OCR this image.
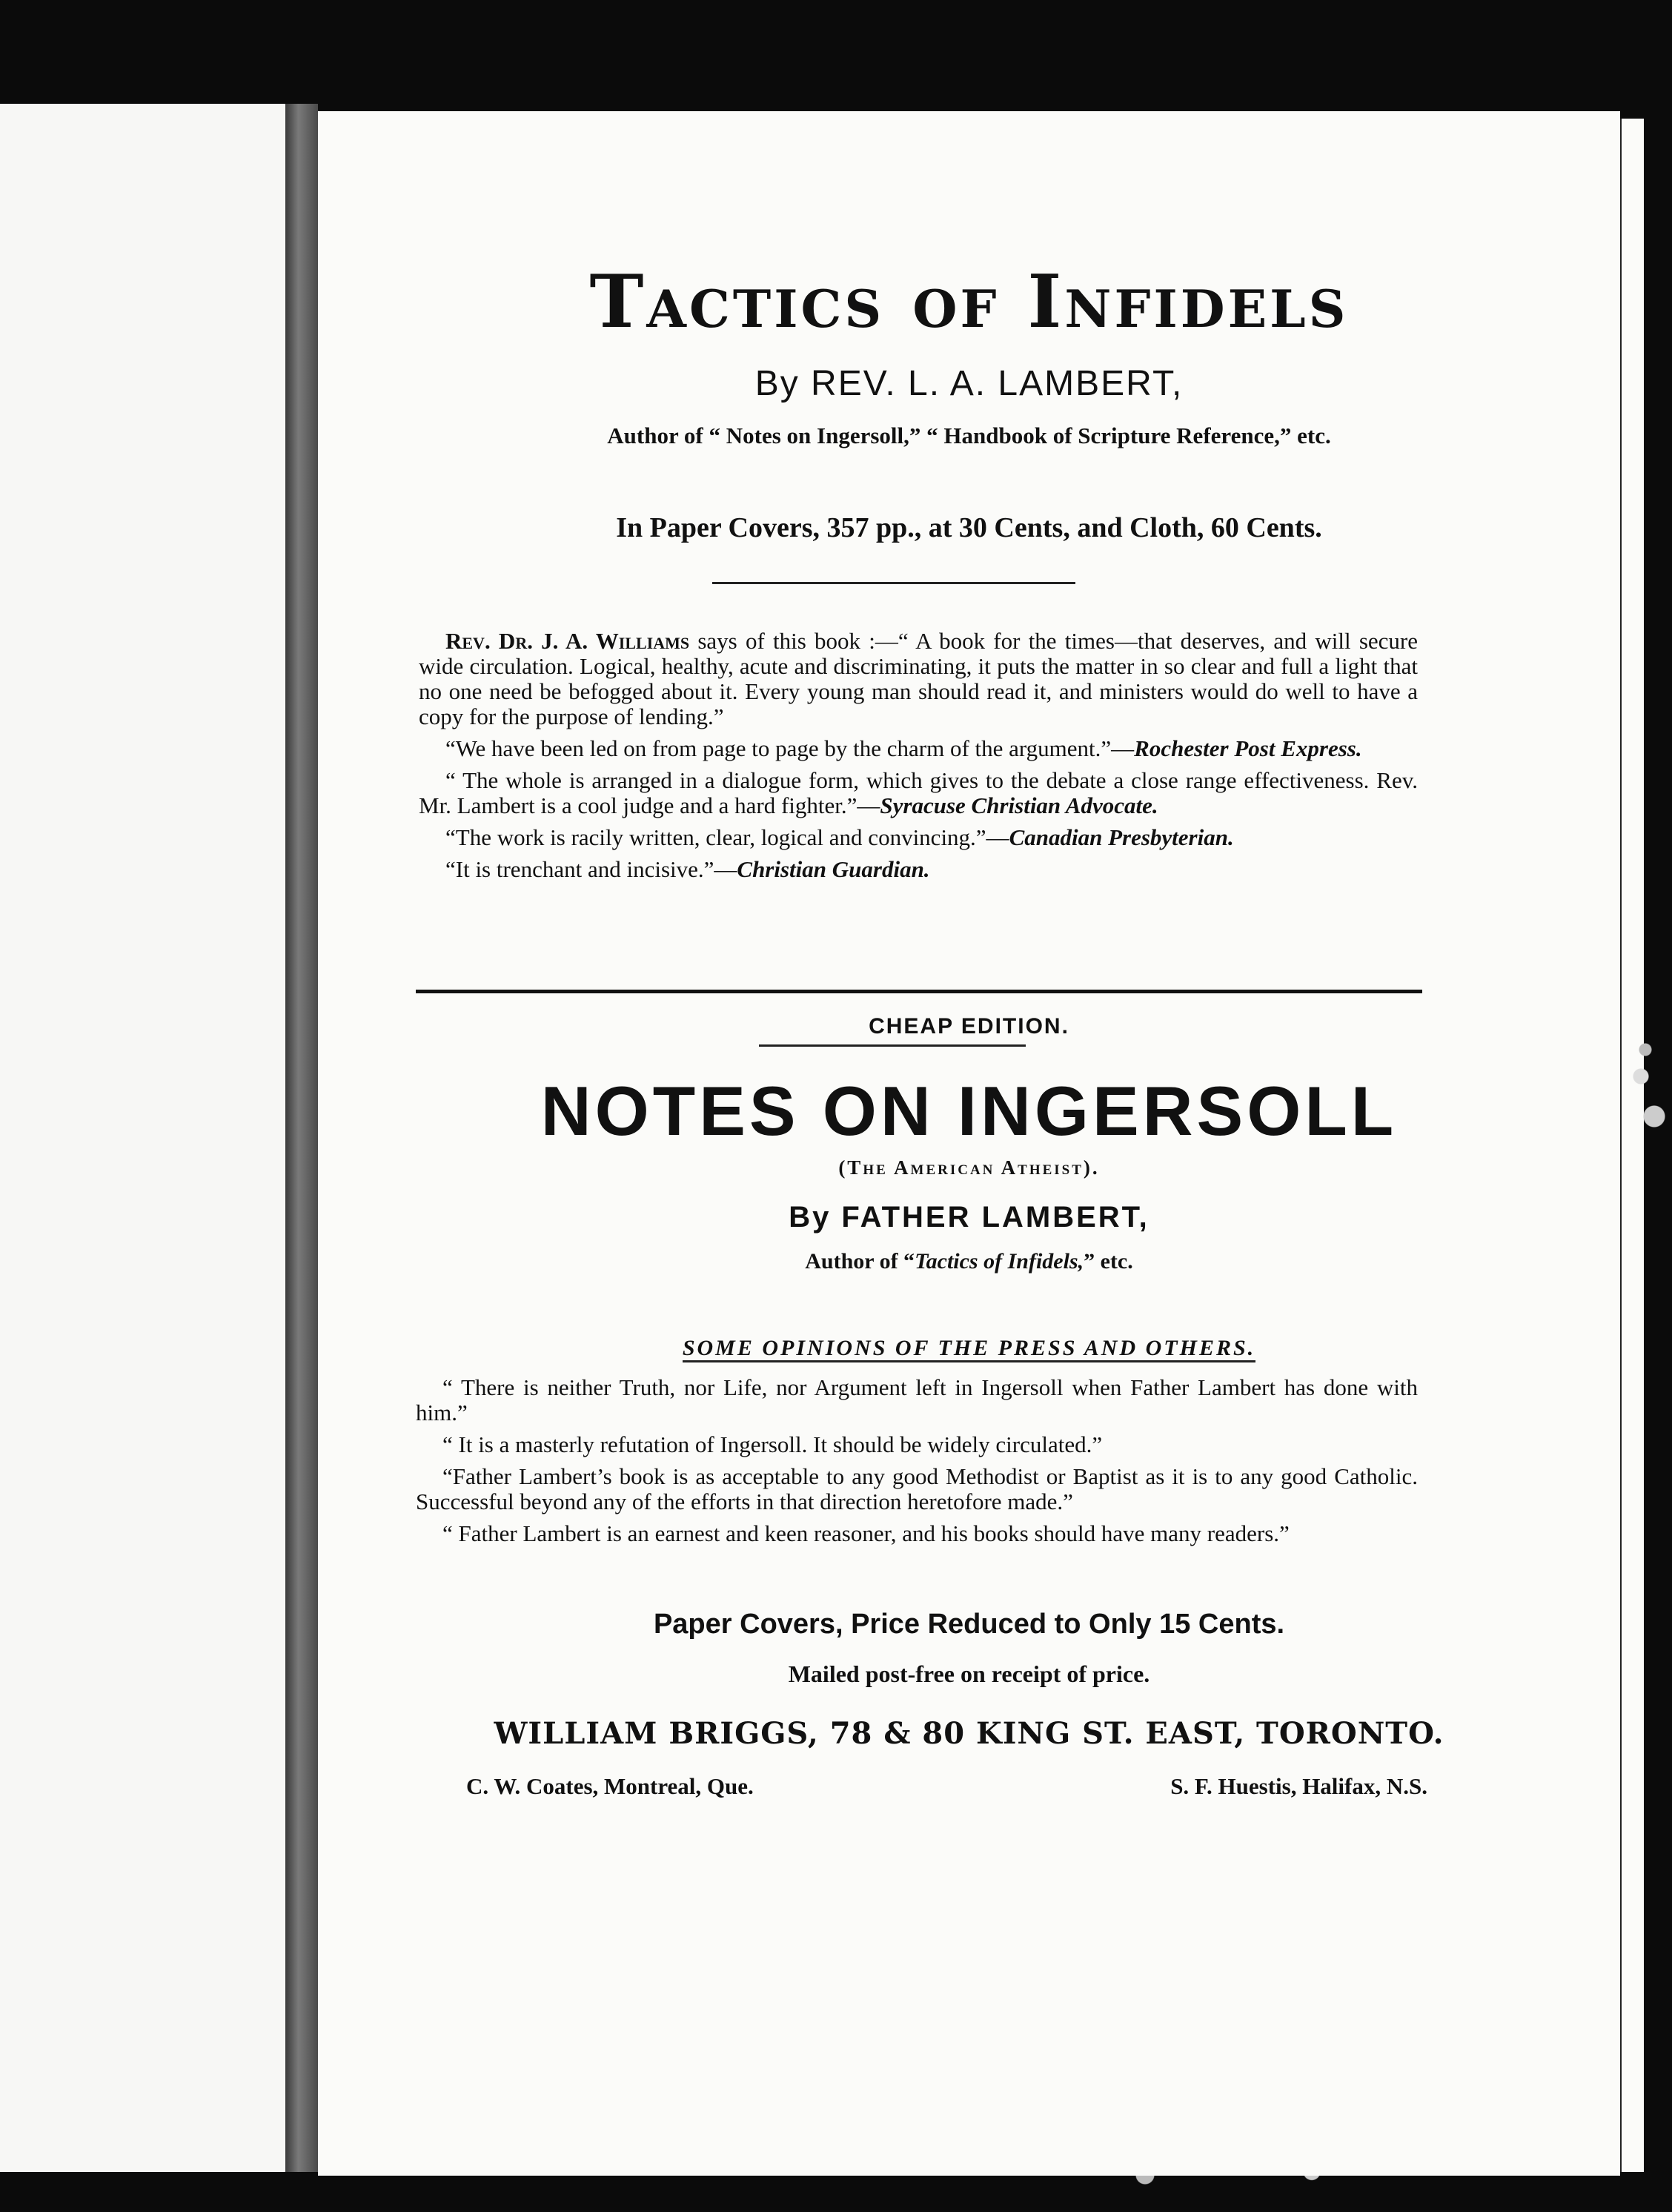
Tactics of Infidels
By REV. L. A. LAMBERT,
Author of “ Notes on Ingersoll,” “ Handbook of Scripture Reference,” etc.
In Paper Covers, 357 pp., at 30 Cents, and Cloth, 60 Cents.

Rev. Dr. J. A. Williams says of this book :—“ A book for the times—that deserves, and will secure wide circulation. Logical, healthy, acute and discriminating, it puts the matter in so clear and full a light that no one need be befogged about it. Every young man should read it, and ministers would do well to have a copy for the purpose of lending.”

“We have been led on from page to page by the charm of the argument.”—Rochester Post Express.

“ The whole is arranged in a dialogue form, which gives to the debate a close range effectiveness. Rev. Mr. Lambert is a cool judge and a hard fighter.”—Syracuse Christian Advocate.

“The work is racily written, clear, logical and convincing.”—Canadian Presbyterian.

“It is trenchant and incisive.”—Christian Guardian.

CHEAP EDITION.
NOTES ON INGERSOLL
(The American Atheist).
By FATHER LAMBERT,
Author of “Tactics of Infidels,” etc.
SOME OPINIONS OF THE PRESS AND OTHERS.

“ There is neither Truth, nor Life, nor Argument left in Ingersoll when Father Lambert has done with him.”

“ It is a masterly refutation of Ingersoll. It should be widely circulated.”

“Father Lambert’s book is as acceptable to any good Methodist or Baptist as it is to any good Catholic. Successful beyond any of the efforts in that direction heretofore made.”

“ Father Lambert is an earnest and keen reasoner, and his books should have many readers.”

Paper Covers, Price Reduced to Only 15 Cents.
Mailed post-free on receipt of price.
WILLIAM BRIGGS, 78 & 80 KING ST. EAST, TORONTO.
C. W. Coates, Montreal, Que.	S. F. Huestis, Halifax, N.S.
